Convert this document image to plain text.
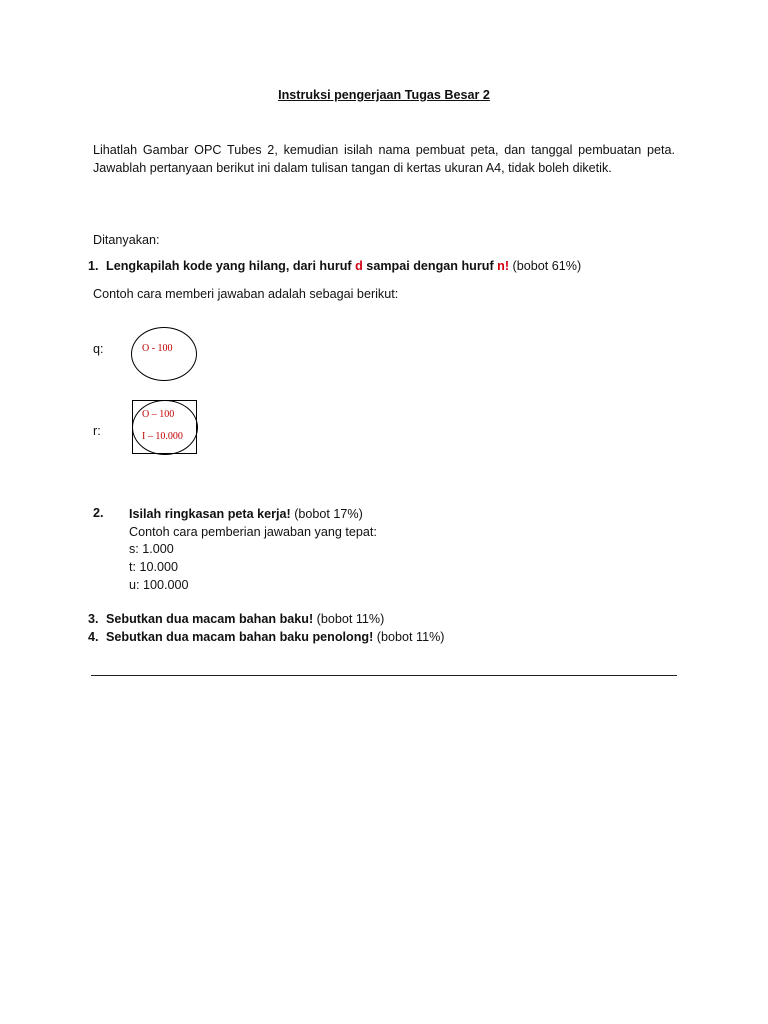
Instruksi pengerjaan Tugas Besar 2
Lihatlah Gambar OPC Tubes 2, kemudian isilah nama pembuat peta, dan tanggal pembuatan peta. Jawablah pertanyaan berikut ini dalam tulisan tangan di kertas ukuran A4, tidak boleh diketik.
Ditanyakan:
1. Lengkapilah kode yang hilang, dari huruf d sampai dengan huruf n! (bobot 61%)
Contoh cara memberi jawaban adalah sebagai berikut:
q:	O - 100
r:
O – 100
I – 10.000
2. Isilah ringkasan peta kerja! (bobot 17%)
Contoh cara pemberian jawaban yang tepat:
s: 1.000
t: 10.000
u: 100.000
3. Sebutkan dua macam bahan baku! (bobot 11%)
4. Sebutkan dua macam bahan baku penolong! (bobot 11%)
